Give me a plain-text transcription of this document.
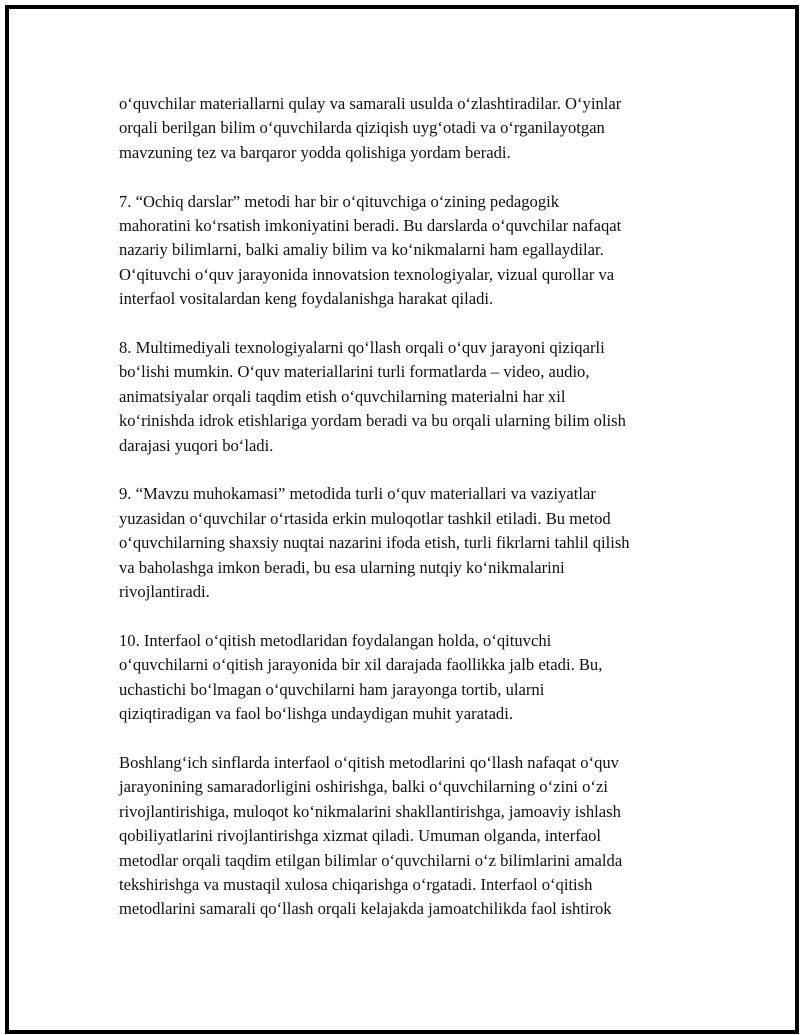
o‘quvchilar materiallarni qulay va samarali usulda o‘zlashtiradilar. O‘yinlar
orqali berilgan bilim o‘quvchilarda qiziqish uyg‘otadi va o‘rganilayotgan
mavzuning tez va barqaror yodda qolishiga yordam beradi.

7. “Ochiq darslar” metodi har bir o‘qituvchiga o‘zining pedagogik
mahoratini ko‘rsatish imkoniyatini beradi. Bu darslarda o‘quvchilar nafaqat
nazariy bilimlarni, balki amaliy bilim va ko‘nikmalarni ham egallaydilar.
O‘qituvchi o‘quv jarayonida innovatsion texnologiyalar, vizual qurollar va
interfaol vositalardan keng foydalanishga harakat qiladi.

8. Multimediyali texnologiyalarni qo‘llash orqali o‘quv jarayoni qiziqarli
bo‘lishi mumkin. O‘quv materiallarini turli formatlarda – video, audio,
animatsiyalar orqali taqdim etish o‘quvchilarning materialni har xil
ko‘rinishda idrok etishlariga yordam beradi va bu orqali ularning bilim olish
darajasi yuqori bo‘ladi.

9. “Mavzu muhokamasi” metodida turli o‘quv materiallari va vaziyatlar
yuzasidan o‘quvchilar o‘rtasida erkin muloqotlar tashkil etiladi. Bu metod
o‘quvchilarning shaxsiy nuqtai nazarini ifoda etish, turli fikrlarni tahlil qilish
va baholashga imkon beradi, bu esa ularning nutqiy ko‘nikmalarini
rivojlantiradi.

10. Interfaol o‘qitish metodlaridan foydalangan holda, o‘qituvchi
o‘quvchilarni o‘qitish jarayonida bir xil darajada faollikka jalb etadi. Bu,
uchastichi bo‘lmagan o‘quvchilarni ham jarayonga tortib, ularni
qiziqtiradigan va faol bo‘lishga undaydigan muhit yaratadi.

Boshlang‘ich sinflarda interfaol o‘qitish metodlarini qo‘llash nafaqat o‘quv
jarayonining samaradorligini oshirishga, balki o‘quvchilarning o‘zini o‘zi
rivojlantirishiga, muloqot ko‘nikmalarini shakllantirishga, jamoaviy ishlash
qobiliyatlarini rivojlantirishga xizmat qiladi. Umuman olganda, interfaol
metodlar orqali taqdim etilgan bilimlar o‘quvchilarni o‘z bilimlarini amalda
tekshirishga va mustaqil xulosa chiqarishga o‘rgatadi. Interfaol o‘qitish
metodlarini samarali qo‘llash orqali kelajakda jamoatchilikda faol ishtirok
